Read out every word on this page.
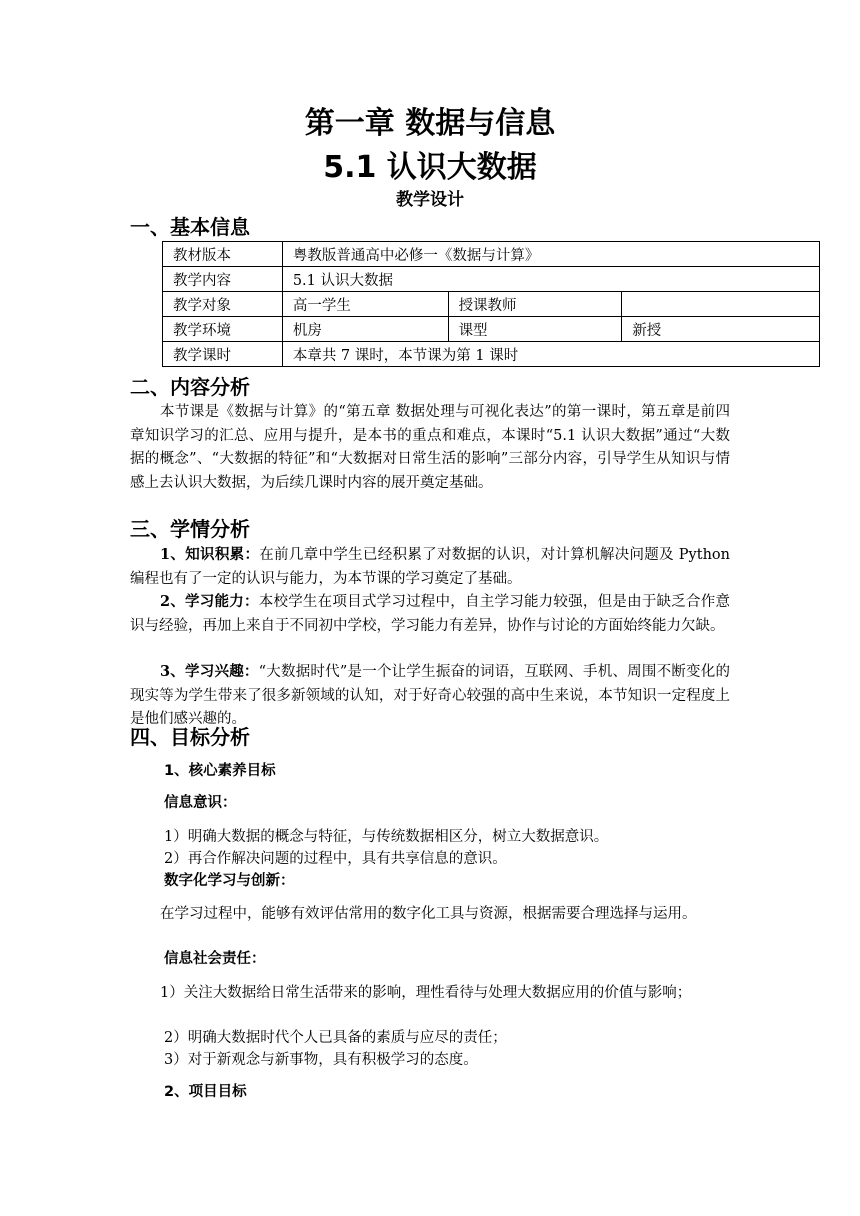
第一章 数据与信息
5.1 认识大数据
教学设计
一、基本信息
教材版本	粤教版普通高中必修一《数据与计算》		
教学内容	5.1 认识大数据		
教学对象	高一学生	授课教师	
教学环境	机房	课型	新授
教学课时	本章共 7 课时，本节课为第 1 课时		
二、内容分析
本节课是《数据与计算》的“第五章 数据处理与可视化表达”的第一课时，第五章是前四章知识学习的汇总、应用与提升，是本书的重点和难点，本课时“5.1 认识大数据”通过“大数据的概念”、“大数据的特征”和“大数据对日常生活的影响”三部分内容，引导学生从知识与情感上去认识大数据，为后续几课时内容的展开奠定基础。
三、学情分析
1、知识积累：在前几章中学生已经积累了对数据的认识，对计算机解决问题及 Python 编程也有了一定的认识与能力，为本节课的学习奠定了基础。
2、学习能力：本校学生在项目式学习过程中，自主学习能力较强，但是由于缺乏合作意识与经验，再加上来自于不同初中学校，学习能力有差异，协作与讨论的方面始终能力欠缺。
3、学习兴趣：“大数据时代”是一个让学生振奋的词语，互联网、手机、周围不断变化的现实等为学生带来了很多新领域的认知，对于好奇心较强的高中生来说，本节知识一定程度上是他们感兴趣的。
四、目标分析
1、核心素养目标
信息意识：
1）明确大数据的概念与特征，与传统数据相区分，树立大数据意识。
2）再合作解决问题的过程中，具有共享信息的意识。
数字化学习与创新：
在学习过程中，能够有效评估常用的数字化工具与资源，根据需要合理选择与运用。
信息社会责任：
1）关注大数据给日常生活带来的影响，理性看待与处理大数据应用的价值与影响；
2）明确大数据时代个人已具备的素质与应尽的责任；
3）对于新观念与新事物，具有积极学习的态度。
2、项目目标
